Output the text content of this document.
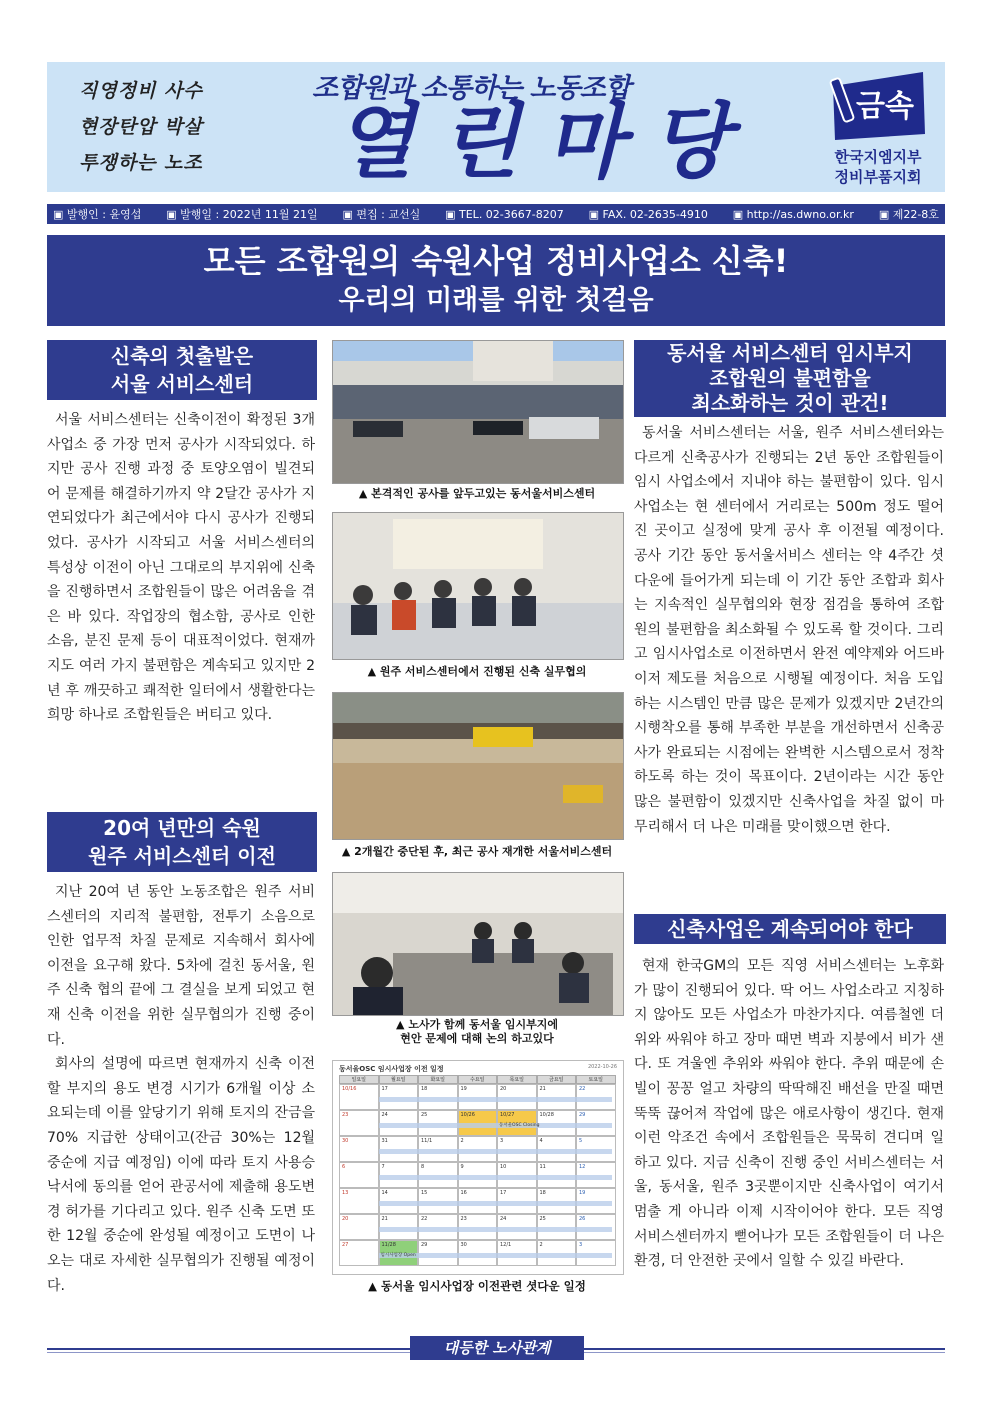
직영정비 사수
현장탄압 박살
투쟁하는 노조
조합원과 소통하는 노동조합
열린마당	금속
한국지엠지부
정비부품지회
▣ 발행인 : 윤영섭 ▣ 발행일 : 2022년 11월 21일 ▣ 편집 : 교선실 ▣ TEL. 02-3667-8207 ▣ FAX. 02-2635-4910 ▣ http://as.dwno.or.kr ▣ 제22-8호
모든 조합원의 숙원사업 정비사업소 신축!
우리의 미래를 위한 첫걸음
신축의 첫출발은
서울 서비스센터

서울 서비스센터는 신축이전이 확정된 3개 사업소 중 가장 먼저 공사가 시작되었다. 하지만 공사 진행 과정 중 토양오염이 빌견되어 문제를 해결하기까지 약 2달간 공사가 지연되었다가 최근에서야 다시 공사가 진행되었다. 공사가 시작되고 서울 서비스센터의 특성상 이전이 아닌 그대로의 부지위에 신축을 진행하면서 조합원들이 많은 어려움을 겪은 바 있다. 작업장의 협소함, 공사로 인한 소음, 분진 문제 등이 대표적이었다. 현재까지도 여러 가지 불편함은 계속되고 있지만 2년 후 깨끗하고 쾌적한 일터에서 생활한다는 희망 하나로 조합원들은 버티고 있다.

20여 년만의 숙원
원주 서비스센터 이전

지난 20여 년 동안 노동조합은 원주 서비스센터의 지리적 불편함, 전투기 소음으로 인한 업무적 차질 문제로 지속해서 회사에 이전을 요구해 왔다. 5차에 걸친 동서울, 원주 신축 협의 끝에 그 결실을 보게 되었고 현재 신축 이전을 위한 실무협의가 진행 중이다.

회사의 설명에 따르면 현재까지 신축 이전할 부지의 용도 변경 시기가 6개월 이상 소요되는데 이를 앞당기기 위해 토지의 잔금을 70% 지급한 상태이고(잔금 30%는 12월 중순에 지급 예정임) 이에 따라 토지 사용승낙서에 동의를 얻어 관공서에 제출해 용도변경 허가를 기다리고 있다. 원주 신축 도면 또한 12월 중순에 완성될 예정이고 도면이 나오는 대로 자세한 실무협의가 진행될 예정이다.

▲ 본격적인 공사를 앞두고있는 동서울서비스센터
▲ 원주 서비스센터에서 진행된 신축 실무협의
▲ 2개월간 중단된 후, 최근 공사 재개한 서울서비스센터
▲ 노사가 함께 동서울 임시부지에
현안 문제에 대해 논의 하고있다
동서울OSC 임시사업장 이전 일정	2022-10-26
일요일	월요일	화요일	수요일	목요일	금요일	토요일
10/16	17	18	19	20	21	22
23	24	25	10/26	10/27	10/28	29
30	31	11/1	2	3	4	5
6	7	8	9	10	11	12
13	14	15	16	17	18	19
20	21	22	23	24	25	26
27	11/28	29	30	12/1	2	3
동서울OSC Closing
임시사업장 Open
▲ 동서울 임시사업장 이전관련 셧다운 일정
동서울 서비스센터 임시부지
조합원의 불편함을
최소화하는 것이 관건!

동서울 서비스센터는 서울, 원주 서비스센터와는 다르게 신축공사가 진행되는 2년 동안 조합원들이 임시 사업소에서 지내야 하는 불편함이 있다. 임시사업소는 현 센터에서 거리로는 500m 정도 떨어진 곳이고 실정에 맞게 공사 후 이전될 예정이다. 공사 기간 동안 동서울서비스 센터는 약 4주간 셧다운에 들어가게 되는데 이 기간 동안 조합과 회사는 지속적인 실무협의와 현장 점검을 통하여 조합원의 불편함을 최소화될 수 있도록 할 것이다. 그리고 임시사업소로 이전하면서 완전 예약제와 어드바이저 제도를 처음으로 시행될 예정이다. 처음 도입하는 시스템인 만큼 많은 문제가 있겠지만 2년간의 시행착오를 통해 부족한 부분을 개선하면서 신축공사가 완료되는 시점에는 완벽한 시스템으로서 정착하도록 하는 것이 목표이다. 2년이라는 시간 동안 많은 불편함이 있겠지만 신축사업을 차질 없이 마무리해서 더 나은 미래를 맞이했으면 한다.

신축사업은 계속되어야 한다

현재 한국GM의 모든 직영 서비스센터는 노후화가 많이 진행되어 있다. 딱 어느 사업소라고 지칭하지 않아도 모든 사업소가 마찬가지다. 여름철엔 더위와 싸워야 하고 장마 때면 벽과 지붕에서 비가 샌다. 또 겨울엔 추위와 싸워야 한다. 추위 때문에 손빌이 꽁꽁 얼고 차량의 딱딱해진 배선을 만질 때면 뚝뚝 끊어져 작업에 많은 애로사항이 생긴다. 현재 이런 악조건 속에서 조합원들은 묵묵히 견디며 일하고 있다. 지금 신축이 진행 중인 서비스센터는 서울, 동서울, 원주 3곳뿐이지만 신축사업이 여기서 멈출 게 아니라 이제 시작이어야 한다. 모든 직영 서비스센터까지 뻗어나가 모든 조합원들이 더 나은 환경, 더 안전한 곳에서 일할 수 있길 바란다.

대등한 노사관계
